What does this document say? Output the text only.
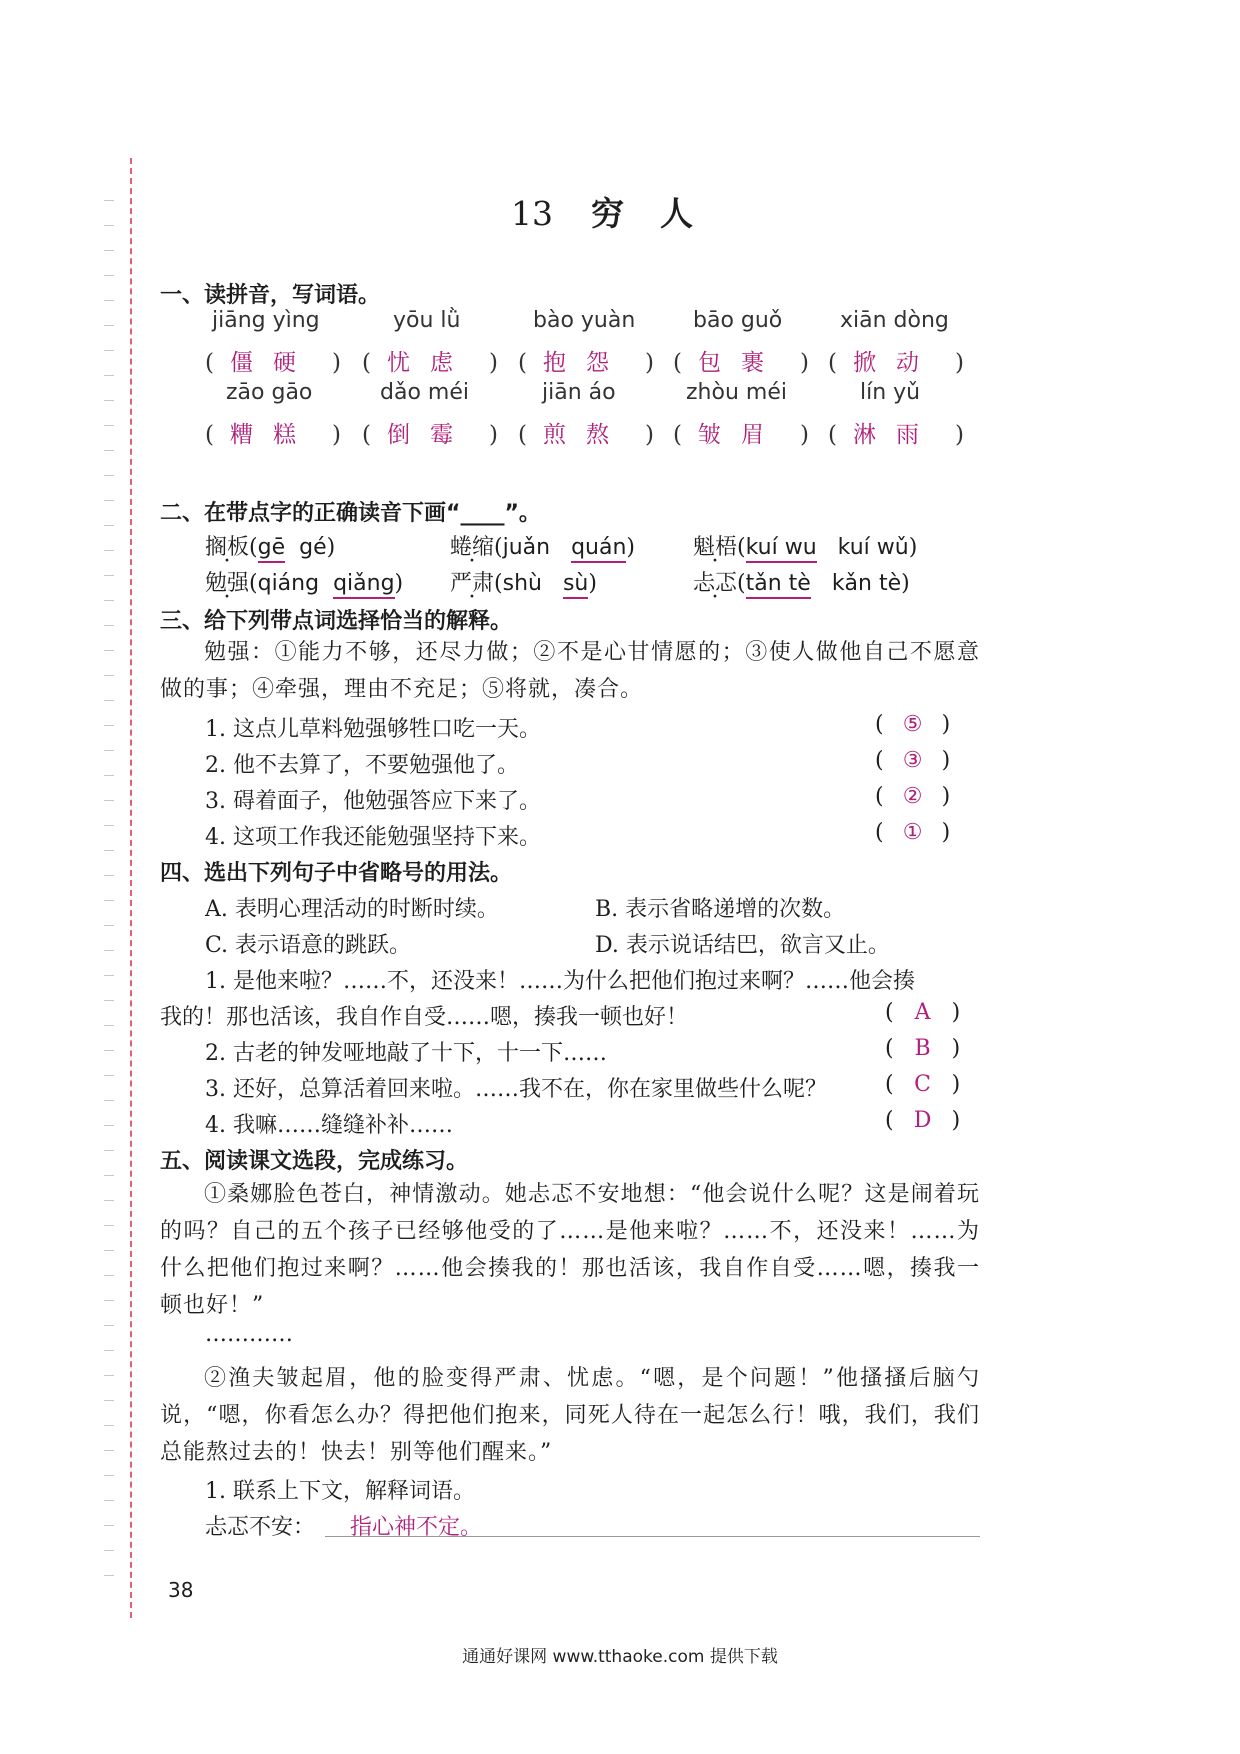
13 穷人
一、读拼音，写词语。
jiāng yìng	yōu lǜ	bào yuàn	bāo guǒ	xiān dòng
( 僵硬 ) ( 忧虑 ) ( 抱怨 ) ( 包裹 ) ( 掀动 )
zāo gāo	dǎo méi	jiān áo	zhòu méi	lín yǔ
( 糟糕 ) ( 倒霉 ) ( 煎熬 ) ( 皱眉 ) ( 淋雨 )
二、在带点字的正确读音下画“____”。
搁板(gē gé)	蜷缩(juǎn quán)	魁梧(kuí wu kuí wǔ)
勉强(qiáng qiǎng) 严肃(shù sù)	忐忑(tǎn tè kǎn tè)
三、给下列带点词选择恰当的解释。
勉强：①能力不够，还尽力做；②不是心甘情愿的；③使人做他自己不愿意做的事；④牵强，理由不充足；⑤将就，凑合。
1. 这点儿草料勉强够牲口吃一天。	( ⑤ )
2. 他不去算了，不要勉强他了。	( ③ )
3. 碍着面子，他勉强答应下来了。	( ② )
4. 这项工作我还能勉强坚持下来。	( ① )
四、选出下列句子中省略号的用法。
A. 表明心理活动的时断时续。	B. 表示省略递增的次数。
C. 表示语意的跳跃。	D. 表示说话结巴，欲言又止。
1. 是他来啦？……不，还没来！……为什么把他们抱过来啊？……他会揍
我的！那也活该，我自作自受……嗯，揍我一顿也好！	( A )
2. 古老的钟发哑地敲了十下，十一下……	( B )
3. 还好，总算活着回来啦。……我不在，你在家里做些什么呢？	( C )
4. 我嘛……缝缝补补……	( D )
五、阅读课文选段，完成练习。
①桑娜脸色苍白，神情激动。她忐忑不安地想：“他会说什么呢？这是闹着玩的吗？自己的五个孩子已经够他受的了……是他来啦？……不，还没来！……为什么把他们抱过来啊？……他会揍我的！那也活该，我自作自受……嗯，揍我一顿也好！”
…………
②渔夫皱起眉，他的脸变得严肃、忧虑。“嗯，是个问题！”他搔搔后脑勺说，“嗯，你看怎么办？得把他们抱来，同死人待在一起怎么行！哦，我们，我们总能熬过去的！快去！别等他们醒来。”
1. 联系上下文，解释词语。
忐忑不安： 指心神不定。
38
通通好课网 www.tthaoke.com 提供下载
